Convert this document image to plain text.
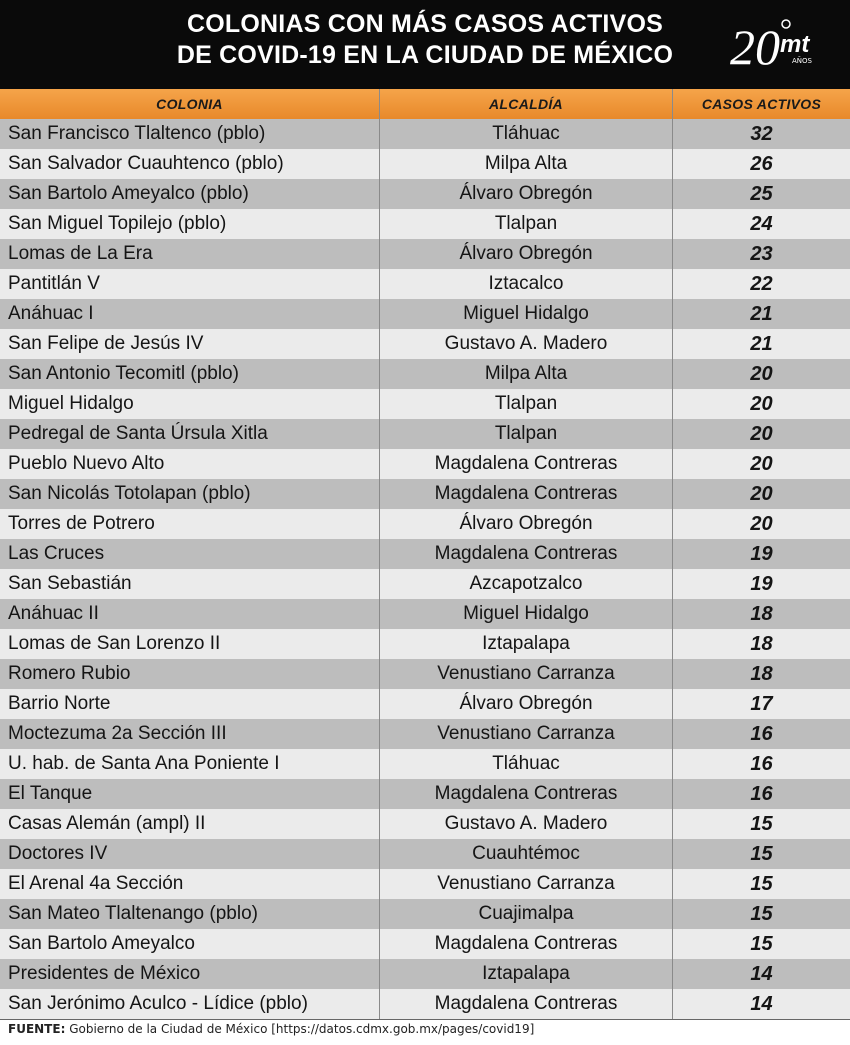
COLONIAS CON MÁS CASOS ACTIVOS
DE COVID-19 EN LA CIUDAD DE MÉXICO	20 mt
AÑOS
COLONIA	ALCALDÍA	CASOS ACTIVOS
San Francisco Tlaltenco (pblo)	Tláhuac	32
San Salvador Cuauhtenco (pblo)	Milpa Alta	26
San Bartolo Ameyalco (pblo)	Álvaro Obregón	25
San Miguel Topilejo (pblo)	Tlalpan	24
Lomas de La Era	Álvaro Obregón	23
Pantitlán V	Iztacalco	22
Anáhuac I	Miguel Hidalgo	21
San Felipe de Jesús IV	Gustavo A. Madero	21
San Antonio Tecomitl (pblo)	Milpa Alta	20
Miguel Hidalgo	Tlalpan	20
Pedregal de Santa Úrsula Xitla	Tlalpan	20
Pueblo Nuevo Alto	Magdalena Contreras	20
San Nicolás Totolapan (pblo)	Magdalena Contreras	20
Torres de Potrero	Álvaro Obregón	20
Las Cruces	Magdalena Contreras	19
San Sebastián	Azcapotzalco	19
Anáhuac II	Miguel Hidalgo	18
Lomas de San Lorenzo II	Iztapalapa	18
Romero Rubio	Venustiano Carranza	18
Barrio Norte	Álvaro Obregón	17
Moctezuma 2a Sección III	Venustiano Carranza	16
U. hab. de Santa Ana Poniente I	Tláhuac	16
El Tanque	Magdalena Contreras	16
Casas Alemán (ampl) II	Gustavo A. Madero	15
Doctores IV	Cuauhtémoc	15
El Arenal 4a Sección	Venustiano Carranza	15
San Mateo Tlaltenango (pblo)	Cuajimalpa	15
San Bartolo Ameyalco	Magdalena Contreras	15
Presidentes de México	Iztapalapa	14
San Jerónimo Aculco - Lídice (pblo)	Magdalena Contreras	14
FUENTE: Gobierno de la Ciudad de México [https://datos.cdmx.gob.mx/pages/covid19]
